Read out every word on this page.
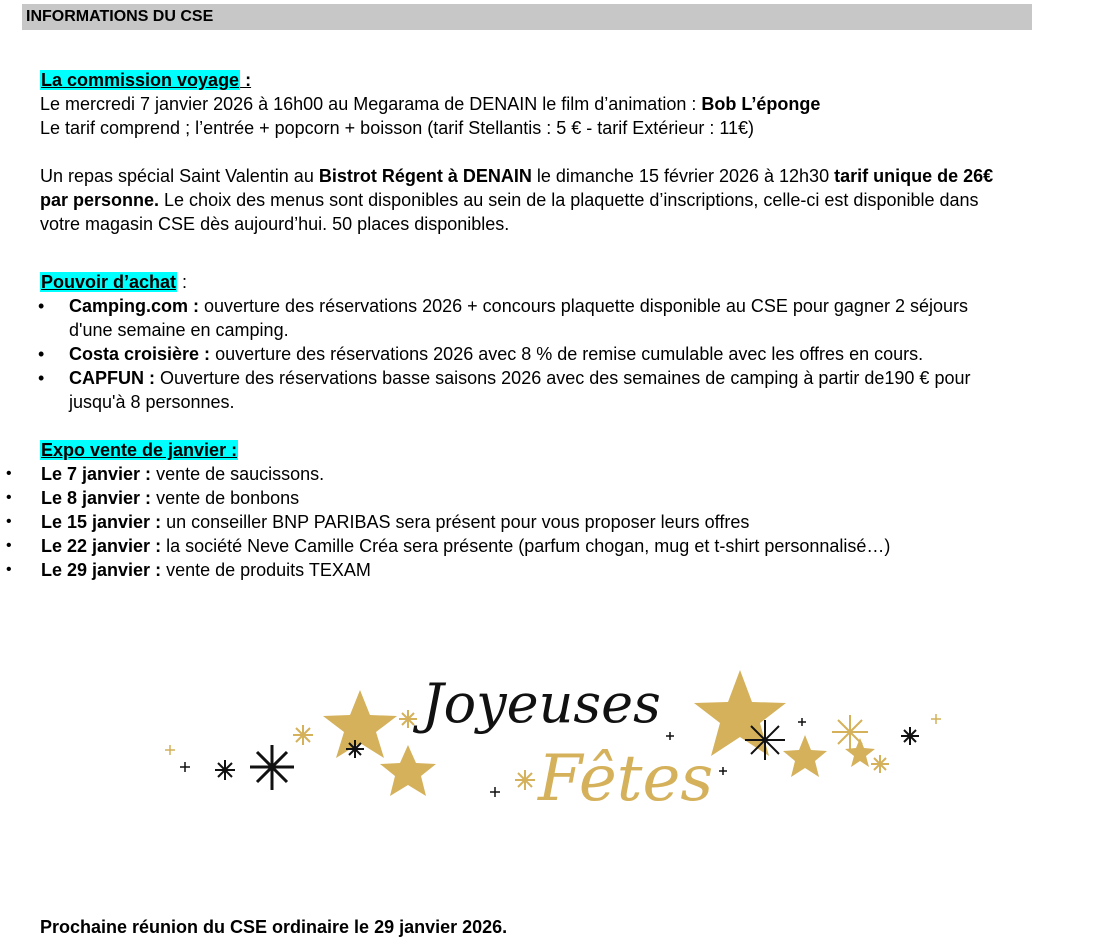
INFORMATIONS DU CSE

La commission voyage :

Le mercredi 7 janvier 2026 à 16h00 au Megarama de DENAIN le film d’animation : Bob L’éponge

Le tarif comprend ; l’entrée + popcorn + boisson (tarif Stellantis : 5 € - tarif Extérieur : 11€)

Un repas spécial Saint Valentin au Bistrot Régent à DENAIN le dimanche 15 février 2026 à 12h30 tarif unique de 26€ par personne. Le choix des menus sont disponibles au sein de la plaquette d’inscriptions, celle-ci est disponible dans votre magasin CSE dès aujourd’hui. 50 places disponibles.

Pouvoir d’achat :

• Camping.com : ouverture des réservations 2026 + concours plaquette disponible au CSE pour gagner 2 séjours d'une semaine en camping.
• Costa croisière : ouverture des réservations 2026 avec 8 % de remise cumulable avec les offres en cours.
• CAPFUN : Ouverture des réservations basse saisons 2026 avec des semaines de camping à partir de190 € pour jusqu'à 8 personnes.

Expo vente de janvier :

• Le 7 janvier : vente de saucissons.
• Le 8 janvier : vente de bonbons
• Le 15 janvier : un conseiller BNP PARIBAS sera présent pour vous proposer leurs offres
• Le 22 janvier : la société Neve Camille Créa sera présente (parfum chogan, mug et t-shirt personnalisé…)
• Le 29 janvier : vente de produits TEXAM
Joyeuses
Fêtes

Prochaine réunion du CSE ordinaire le 29 janvier 2026.
